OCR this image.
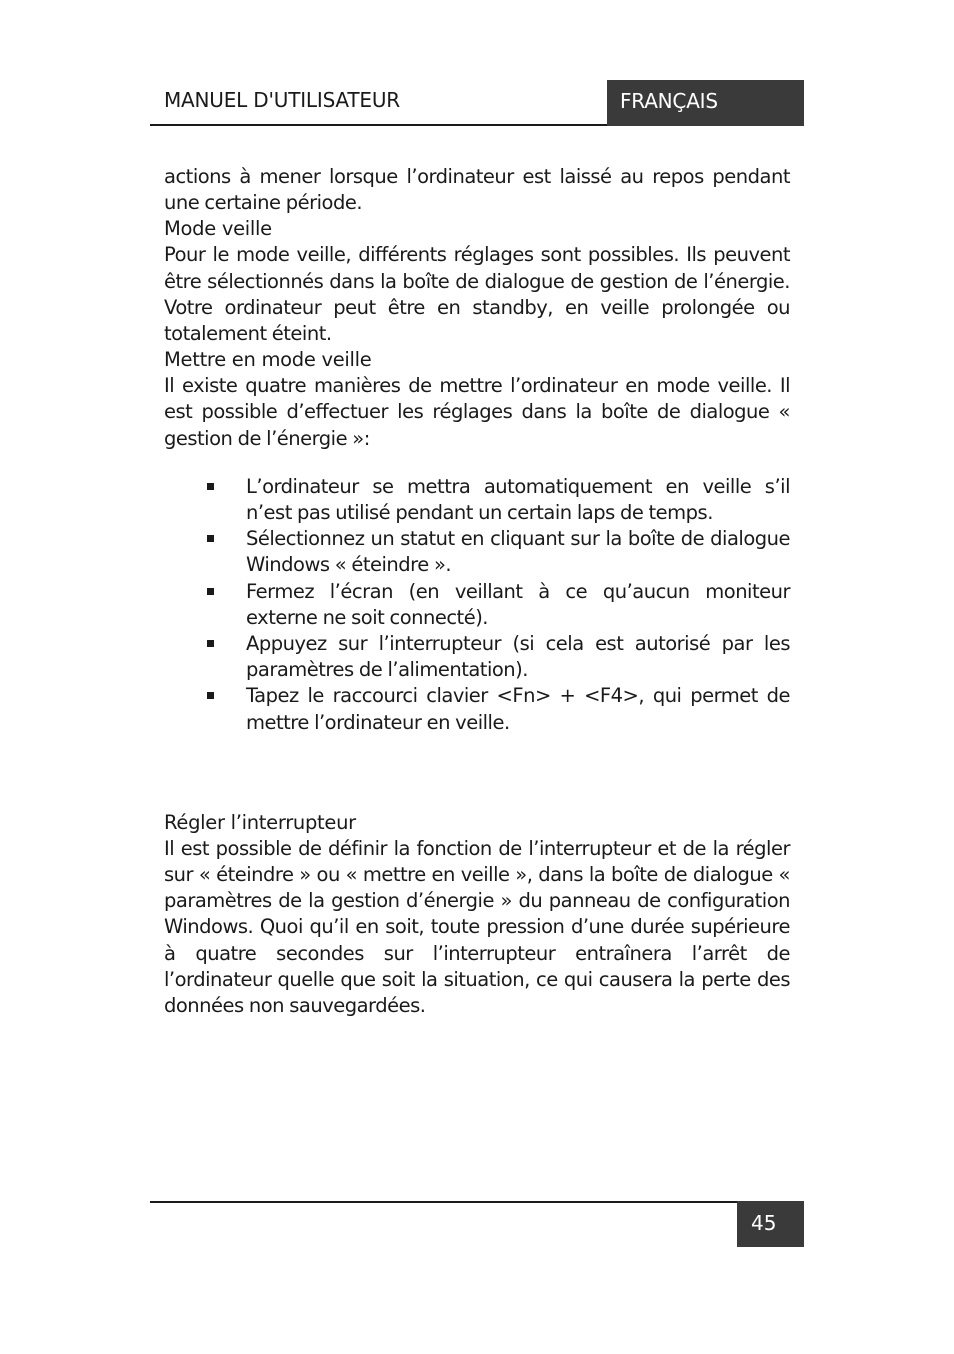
MANUEL D'UTILISATEUR	FRANÇAIS

actions à mener lorsque l’ordinateur est laissé au repos pendant une certaine période.

Mode veille

Pour le mode veille, différents réglages sont possibles. Ils peuvent être sélectionnés dans la boîte de dialogue de gestion de l’énergie. Votre ordinateur peut être en standby, en veille prolongée ou totalement éteint.

Mettre en mode veille

Il existe quatre manières de mettre l’ordinateur en mode veille. Il est possible d’effectuer les réglages dans la boîte de dialogue « gestion de l’énergie »:

L’ordinateur se mettra automatiquement en veille s’il n’est pas utilisé pendant un certain laps de temps.
Sélectionnez un statut en cliquant sur la boîte de dialogue Windows « éteindre ».
Fermez l’écran (en veillant à ce qu’aucun moniteur externe ne soit connecté).
Appuyez sur l’interrupteur (si cela est autorisé par les paramètres de l’alimentation).
Tapez le raccourci clavier <Fn> + <F4>, qui permet de mettre l’ordinateur en veille.
Régler l’interrupteur

Il est possible de définir la fonction de l’interrupteur et de la régler sur « éteindre » ou « mettre en veille », dans la boîte de dialogue « paramètres de la gestion d’énergie » du panneau de configuration Windows. Quoi qu’il en soit, toute pression d’une durée supérieure à quatre secondes sur l’interrupteur entraînera l’arrêt de l’ordinateur quelle que soit la situation, ce qui causera la perte des données non sauvegardées.

45
